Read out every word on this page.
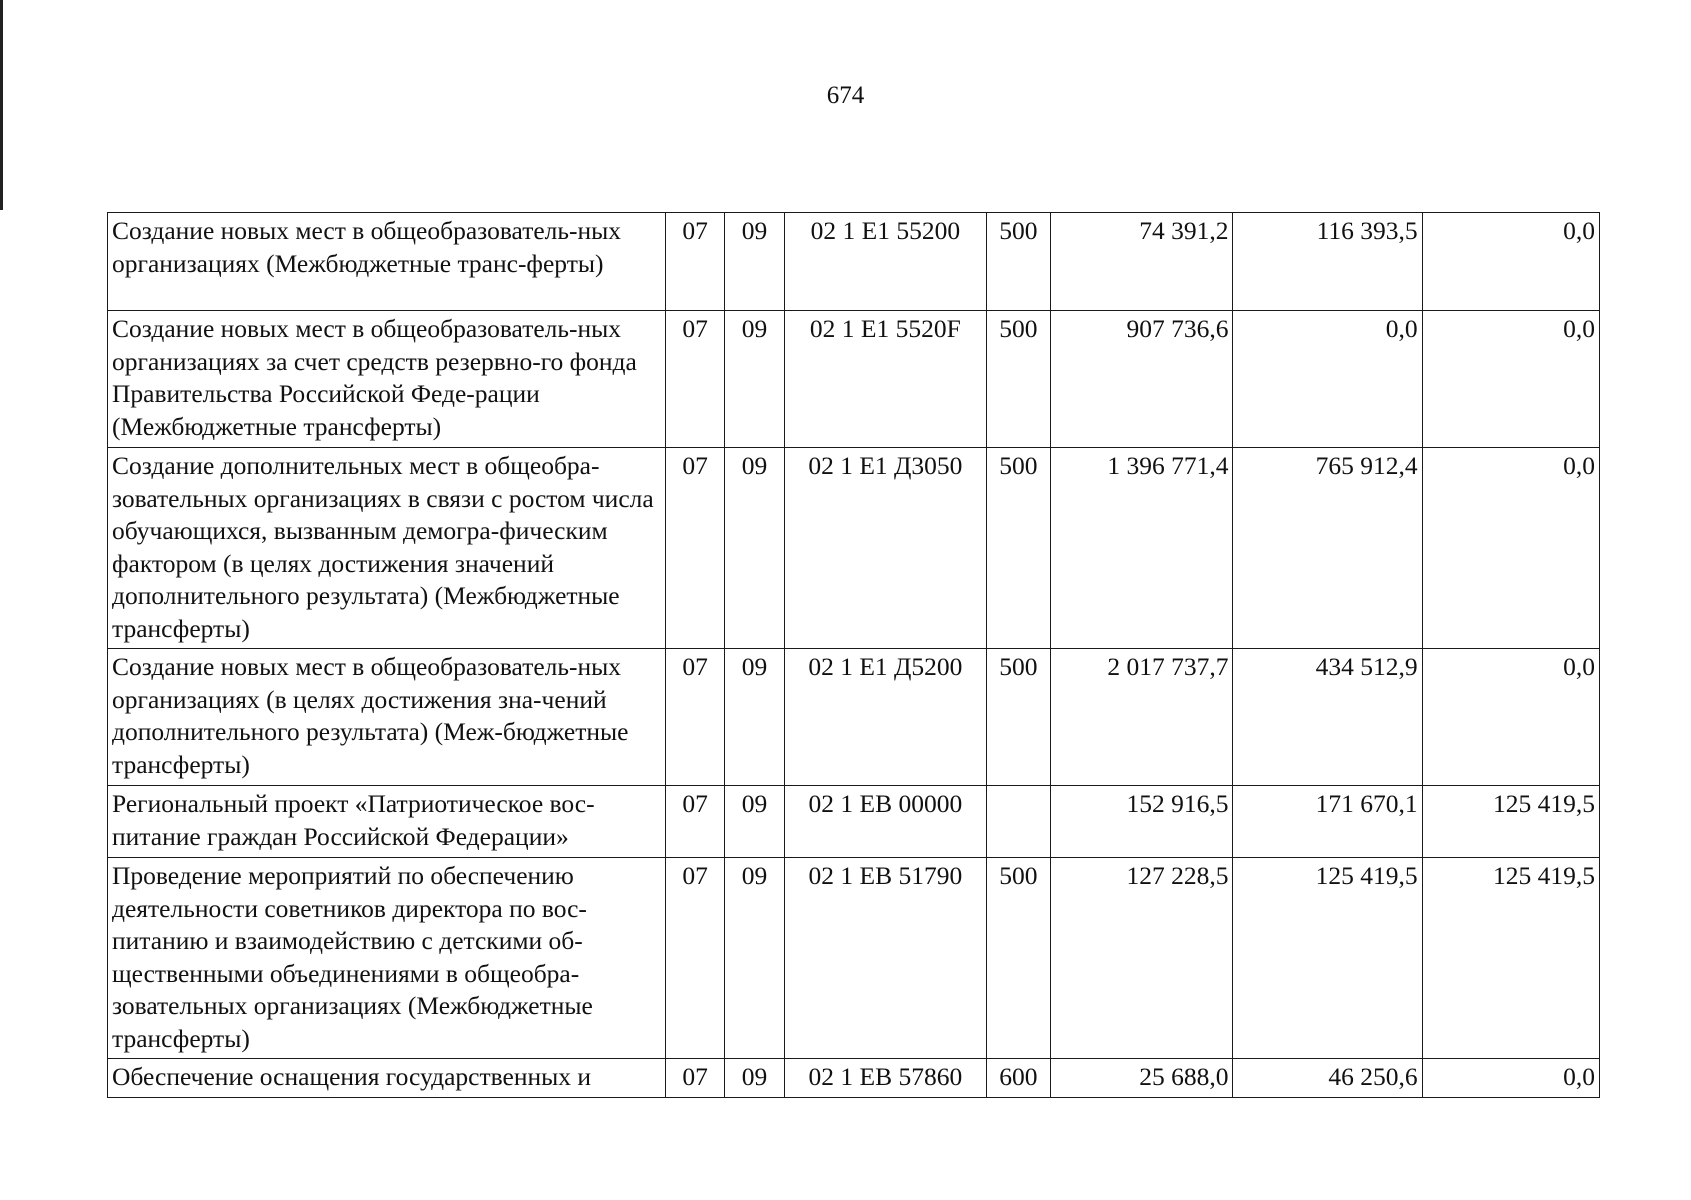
674
Создание новых мест в общеобразователь-ных организациях (Межбюджетные транс-ферты)	07	09	02 1 E1 55200	500	74 391,2	116 393,5	0,0
Создание новых мест в общеобразователь-ных организациях за счет средств резервно-го фонда Правительства Российской Феде-рации (Межбюджетные трансферты)	07	09	02 1 E1 5520F	500	907 736,6	0,0	0,0
Создание дополнительных мест в общеобра-зовательных организациях в связи с ростом числа обучающихся, вызванным демогра-фическим фактором (в целях достижения значений дополнительного результата) (Межбюджетные трансферты)	07	09	02 1 E1 Д3050	500	1 396 771,4	765 912,4	0,0
Создание новых мест в общеобразователь-ных организациях (в целях достижения зна-чений дополнительного результата) (Меж-бюджетные трансферты)	07	09	02 1 E1 Д5200	500	2 017 737,7	434 512,9	0,0
Региональный проект «Патриотическое вос-питание граждан Российской Федерации»	07	09	02 1 EB 00000		152 916,5	171 670,1	125 419,5
Проведение мероприятий по обеспечению деятельности советников директора по вос-питанию и взаимодействию с детскими об-щественными объединениями в общеобра-зовательных организациях (Межбюджетные трансферты)	07	09	02 1 EB 51790	500	127 228,5	125 419,5	125 419,5
Обеспечение оснащения государственных и	07	09	02 1 EB 57860	600	25 688,0	46 250,6	0,0
